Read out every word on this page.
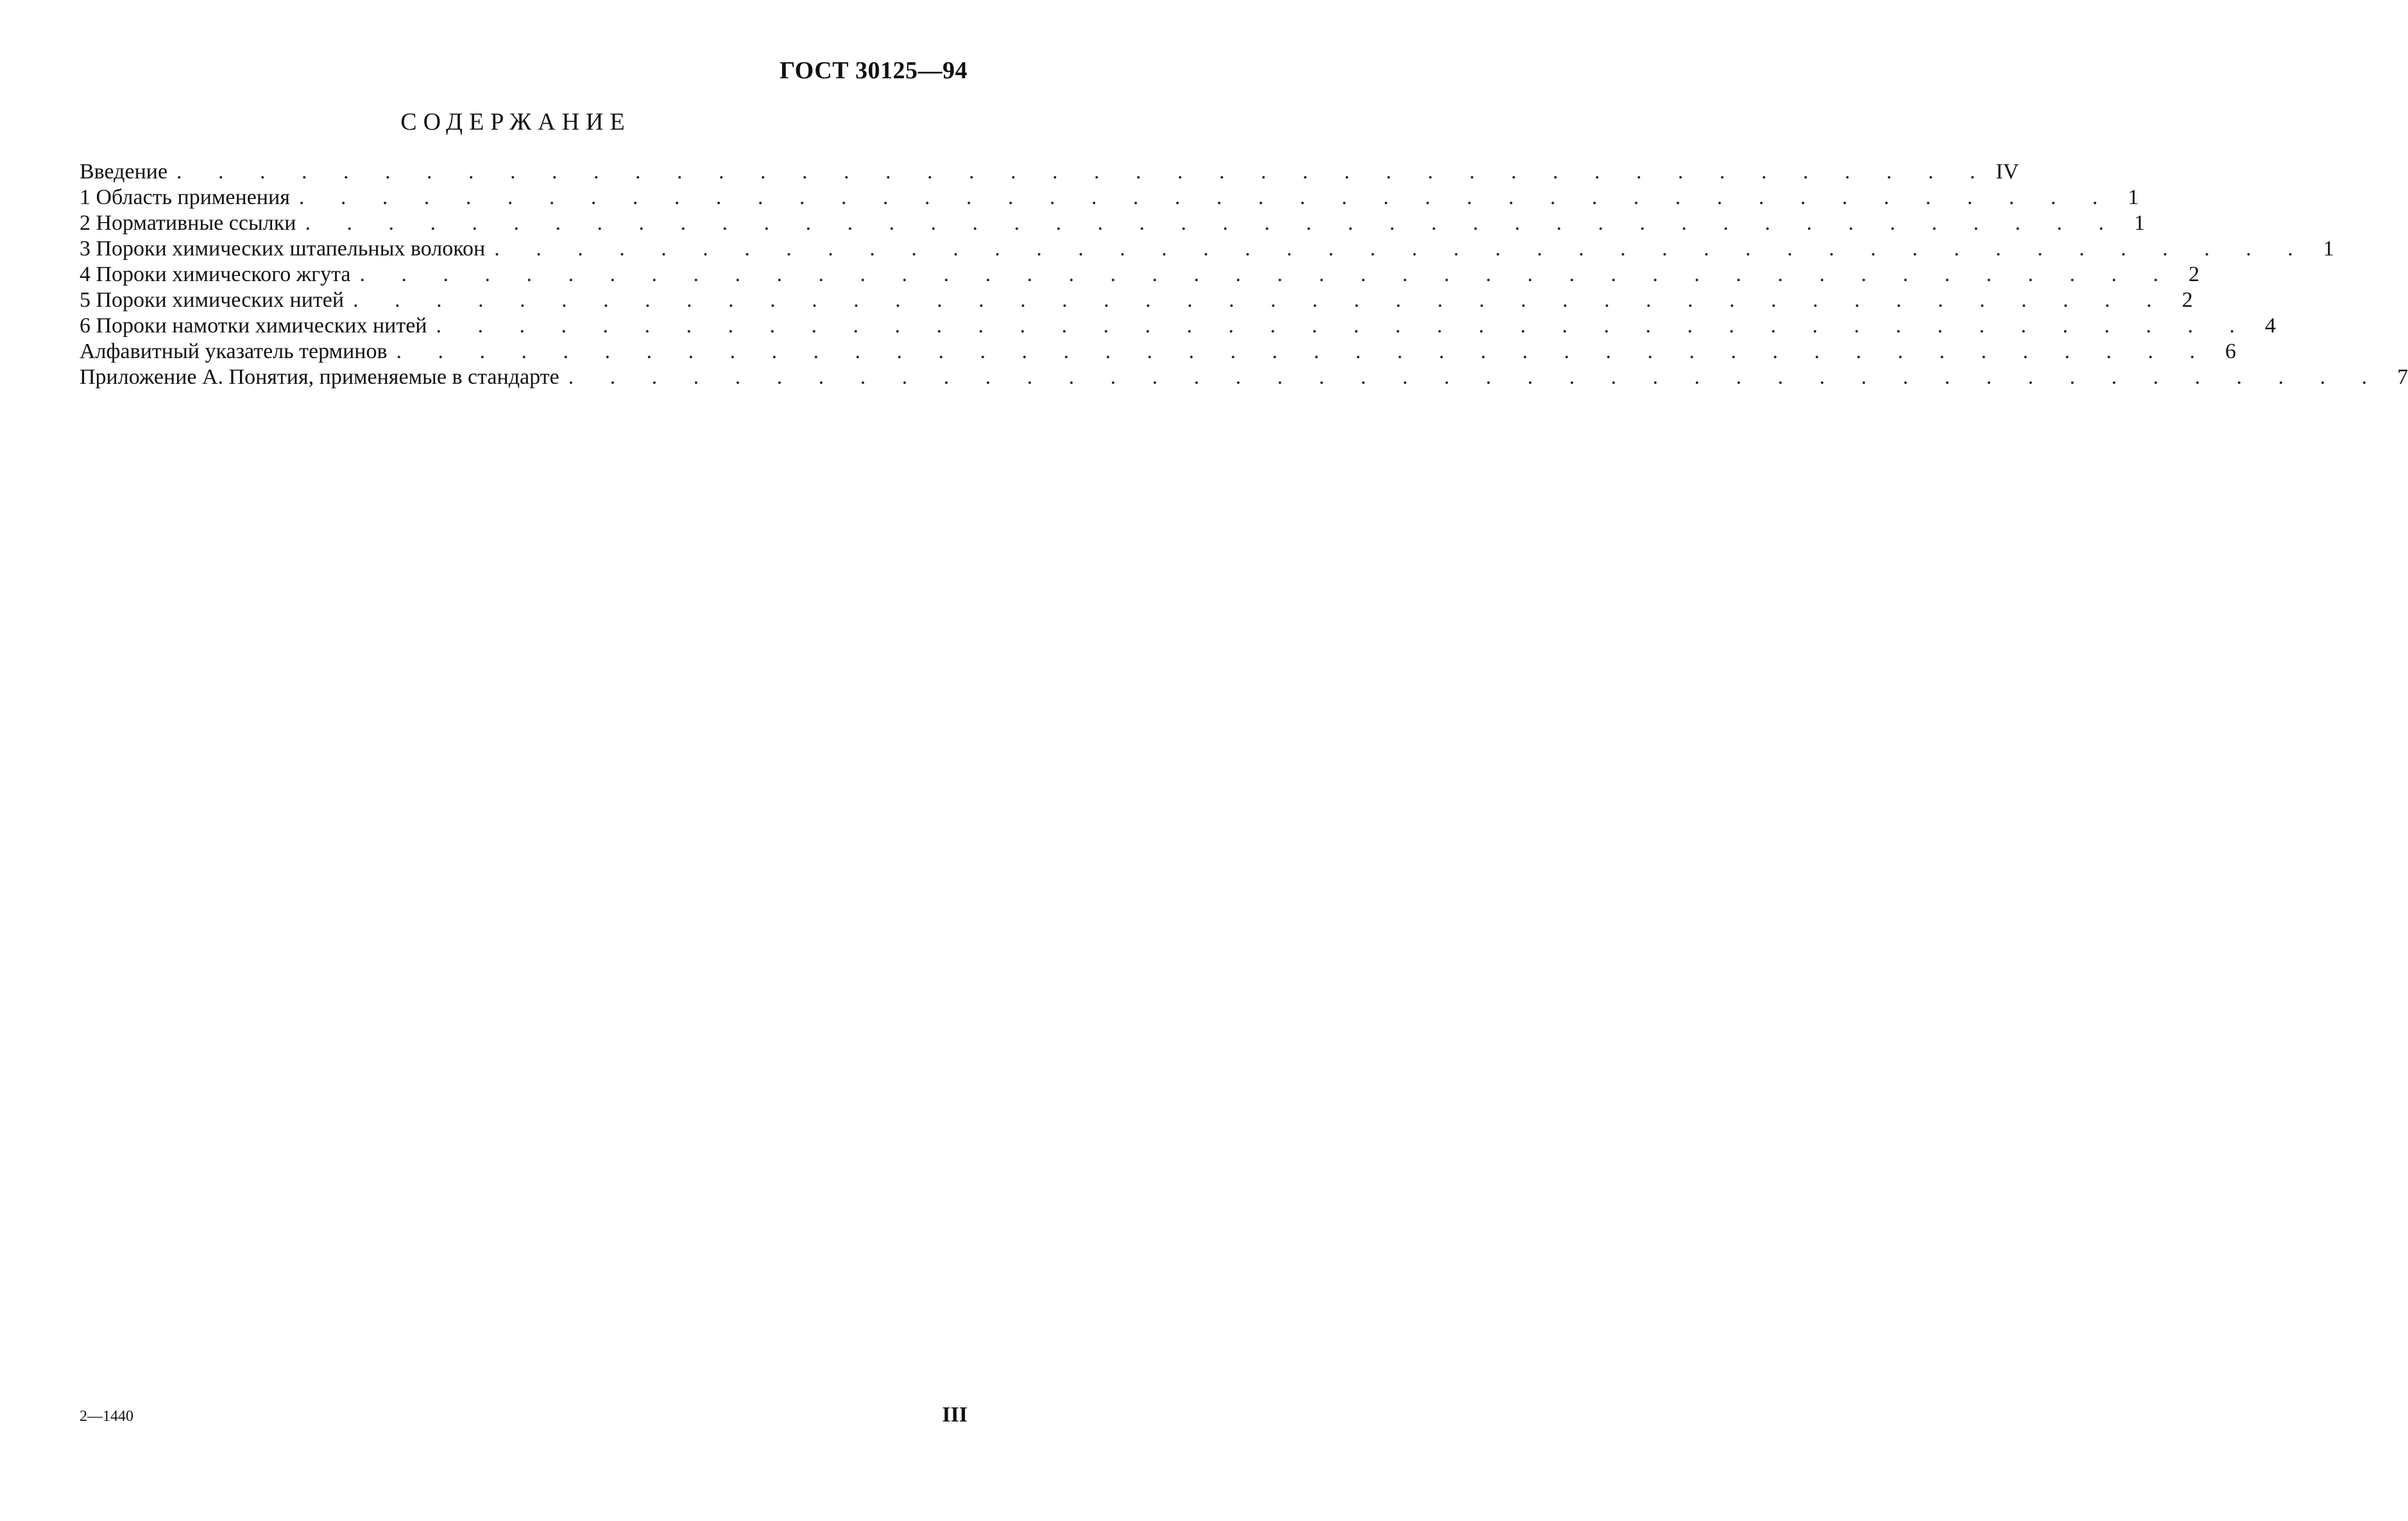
ГОСТ 30125—94
СОДЕРЖАНИЕ
Введение . . . . . . . . . . . . . . . . . . . . . . . . . . . . . . . . . . . . . . . . . . . . IV
1 Область применения . . . . . . . . . . . . . . . . . . . . . . . . . . . . . . . . . . . . . . . . . . . . 1
2 Нормативные ссылки . . . . . . . . . . . . . . . . . . . . . . . . . . . . . . . . . . . . . . . . . . . . 1
3 Пороки химических штапельных волокон . . . . . . . . . . . . . . . . . . . . . . . . . . . . . . . . . . . . . . . . . . . . 1
4 Пороки химического жгута . . . . . . . . . . . . . . . . . . . . . . . . . . . . . . . . . . . . . . . . . . . . 2
5 Пороки химических нитей . . . . . . . . . . . . . . . . . . . . . . . . . . . . . . . . . . . . . . . . . . . . 2
6 Пороки намотки химических нитей . . . . . . . . . . . . . . . . . . . . . . . . . . . . . . . . . . . . . . . . . . . . 4
Алфавитный указатель терминов . . . . . . . . . . . . . . . . . . . . . . . . . . . . . . . . . . . . . . . . . . . . 6
Приложение А. Понятия, применяемые в стандарте . . . . . . . . . . . . . . . . . . . . . . . . . . . . . . . . . . . . . . . . . . . . 7
2—1440	III
